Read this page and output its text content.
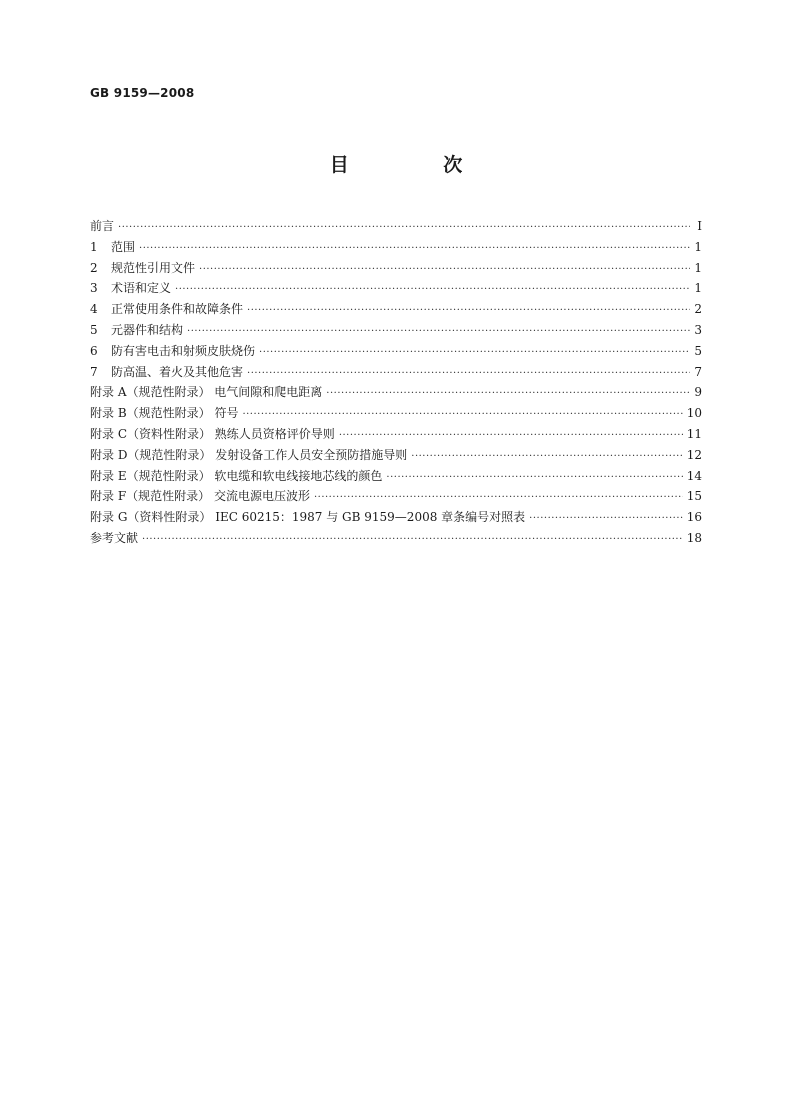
GB 9159—2008
目 次
前言 ·····	I
1 范围 ·····	1
2 规范性引用文件 ·····	1
3 术语和定义 ·····	1
4 正常使用条件和故障条件 ·····	2
5 元器件和结构 ·····	3
6 防有害电击和射频皮肤烧伤 ·····	5
7 防高温、着火及其他危害 ·····	7
附录 A（规范性附录） 电气间隙和爬电距离 ·····	9
附录 B（规范性附录） 符号 ·····	10
附录 C（资料性附录） 熟练人员资格评价导则 ·····	11
附录 D（规范性附录） 发射设备工作人员安全预防措施导则 ·····	12
附录 E（规范性附录） 软电缆和软电线接地芯线的颜色 ·····	14
附录 F（规范性附录） 交流电源电压波形 ·····	15
附录 G（资料性附录） IEC 60215：1987 与 GB 9159—2008 章条编号对照表 ·····	16
参考文献 ·····	18
